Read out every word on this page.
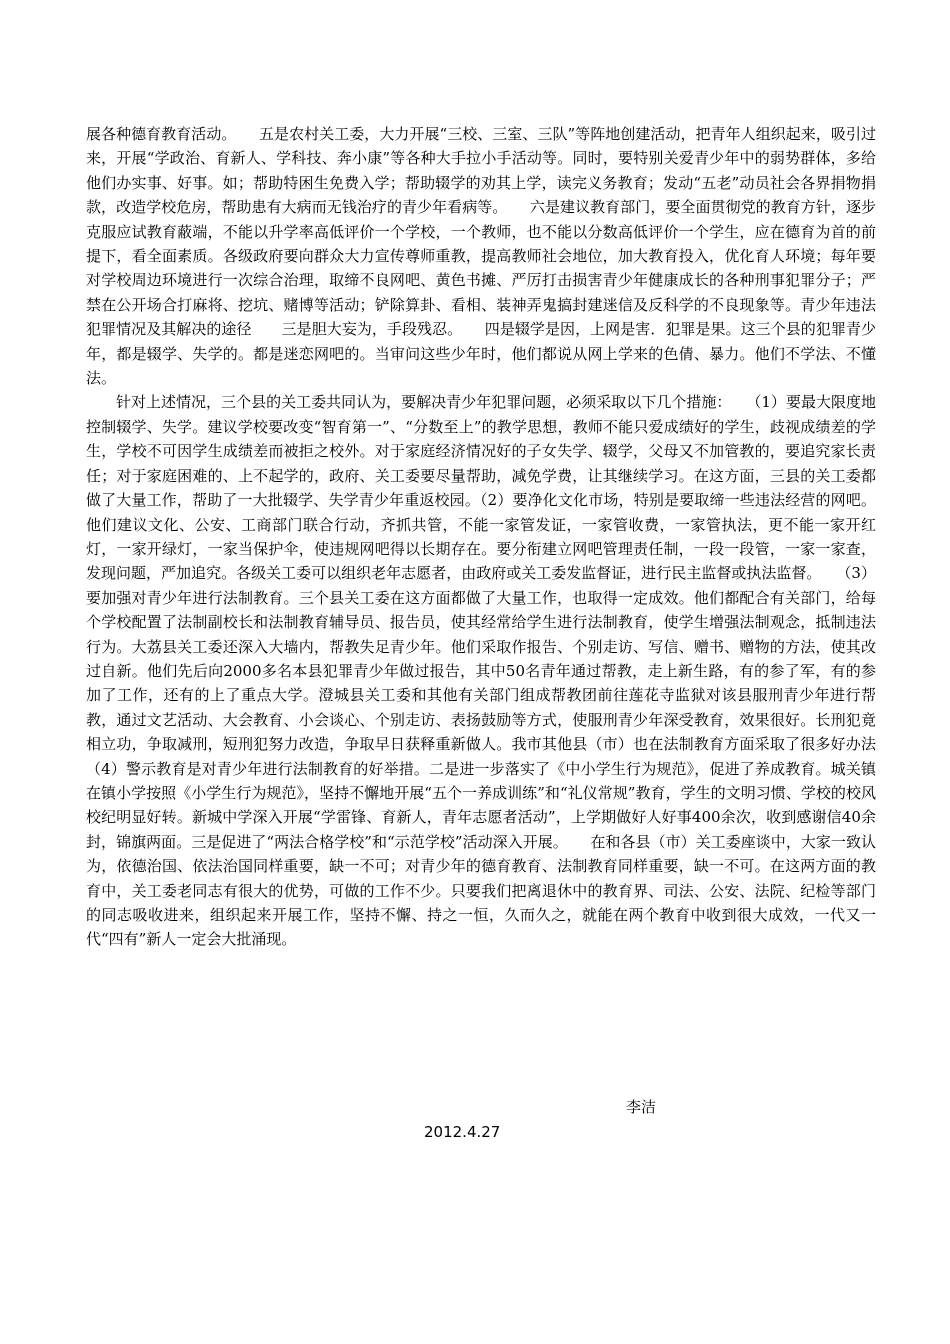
展各种德育教育活动。　　五是农村关工委，大力开展“三校、三室、三队”等阵地创建活动，把青年人组织起来，吸引过来，开展“学政治、育新人、学科技、奔小康”等各种大手拉小手活动等。同时，要特别关爱青少年中的弱势群体，多给他们办实事、好事。如；帮助特困生免费入学；帮助辍学的劝其上学，读完义务教育；发动“五老”动员社会各界捐物捐款，改造学校危房，帮助患有大病而无钱治疗的青少年看病等。　　六是建议教育部门，要全面贯彻党的教育方针，逐步克服应试教育蔽端，不能以升学率高低评价一个学校，一个教师，也不能以分数高低评价一个学生，应在德育为首的前提下，看全面素质。各级政府要向群众大力宣传尊师重教，提高教师社会地位，加大教育投入，优化育人环境；每年要对学校周边环境进行一次综合治理，取缔不良网吧、黄色书摊、严厉打击损害青少年健康成长的各种刑事犯罪分子；严禁在公开场合打麻将、挖坑、赌博等活动；铲除算卦、看相、装神弄鬼搞封建迷信及反科学的不良现象等。青少年违法犯罪情况及其解决的途径　　三是胆大妄为，手段残忍。　　四是辍学是因，上网是害．犯罪是果。这三个县的犯罪青少年，都是辍学、失学的。都是迷恋网吧的。当审问这些少年时，他们都说从网上学来的色倩、暴力。他们不学法、不懂法。

针对上述情况，三个县的关工委共同认为，要解决青少年犯罪问题，必须采取以下几个措施：　　（1）要最大限度地控制辍学、失学。建议学校要改变“智育第一”、“分数至上”的教学思想，教师不能只爱成绩好的学生，歧视成绩差的学生，学校不可因学生成绩差而被拒之校外。对于家庭经济情况好的子女失学、辍学，父母又不加管教的，要追究家长责任；对于家庭困难的、上不起学的，政府、关工委要尽量帮助，减免学费，让其继续学习。在这方面，三县的关工委都做了大量工作，帮助了一大批辍学、失学青少年重返校园。（2）要净化文化市场，特别是要取缔一些违法经营的网吧。他们建议文化、公安、工商部门联合行动，齐抓共管，不能一家管发证，一家管收费，一家管执法，更不能一家开红灯，一家开绿灯，一家当保护伞，使违规网吧得以长期存在。要分衔建立网吧管理责任制，一段一段管，一家一家查，发现问题，严加追究。各级关工委可以组织老年志愿者，由政府或关工委发监督证，进行民主监督或执法监督。　　（3）要加强对青少年进行法制教育。三个县关工委在这方面都做了大量工作，也取得一定成效。他们都配合有关部门，给每个学校配置了法制副校长和法制教育辅导员、报告员，使其经常给学生进行法制教育，使学生增强法制观念，抵制违法行为。大荔县关工委还深入大墙内，帮教失足青少年。他们采取作报告、个别走访、写信、赠书、赠物的方法，使其改过自新。他们先后向2000多名本县犯罪青少年做过报告，其中50名青年通过帮教，走上新生路，有的参了军，有的参加了工作，还有的上了重点大学。澄城县关工委和其他有关部门组成帮教团前往莲花寺监狱对该县服刑青少年进行帮教，通过文艺活动、大会教育、小会谈心、个别走访、表扬鼓励等方式，使服刑青少年深受教育，效果很好。长刑犯竟相立功，争取减刑，短刑犯努力改造，争取早日获释重新做人。我市其他县（市）也在法制教育方面采取了很多好办法　　（4）警示教育是对青少年进行法制教育的好举措。二是进一步落实了《中小学生行为规范》，促进了养成教育。城关镇在镇小学按照《小学生行为规范》，坚持不懈地开展“五个一养成训练”和“礼仪常规”教育，学生的文明习惯、学校的校风校纪明显好转。新城中学深入开展“学雷锋、育新人，青年志愿者活动”，上学期做好人好事400余次，收到感谢信40余封，锦旗两面。三是促进了“两法合格学校”和“示范学校”活动深入开展。　　在和各县（市）关工委座谈中，大家一致认为，依德治国、依法治国同样重要，缺一不可；对青少年的德育教育、法制教育同样重要，缺一不可。在这两方面的教育中，关工委老同志有很大的优势，可做的工作不少。只要我们把离退休中的教育界、司法、公安、法院、纪检等部门的同志吸收进来，组织起来开展工作，坚持不懈、持之一恒，久而久之，就能在两个教育中收到很大成效，一代又一代“四有”新人一定会大批涌现。

李洁
2012.4.27
